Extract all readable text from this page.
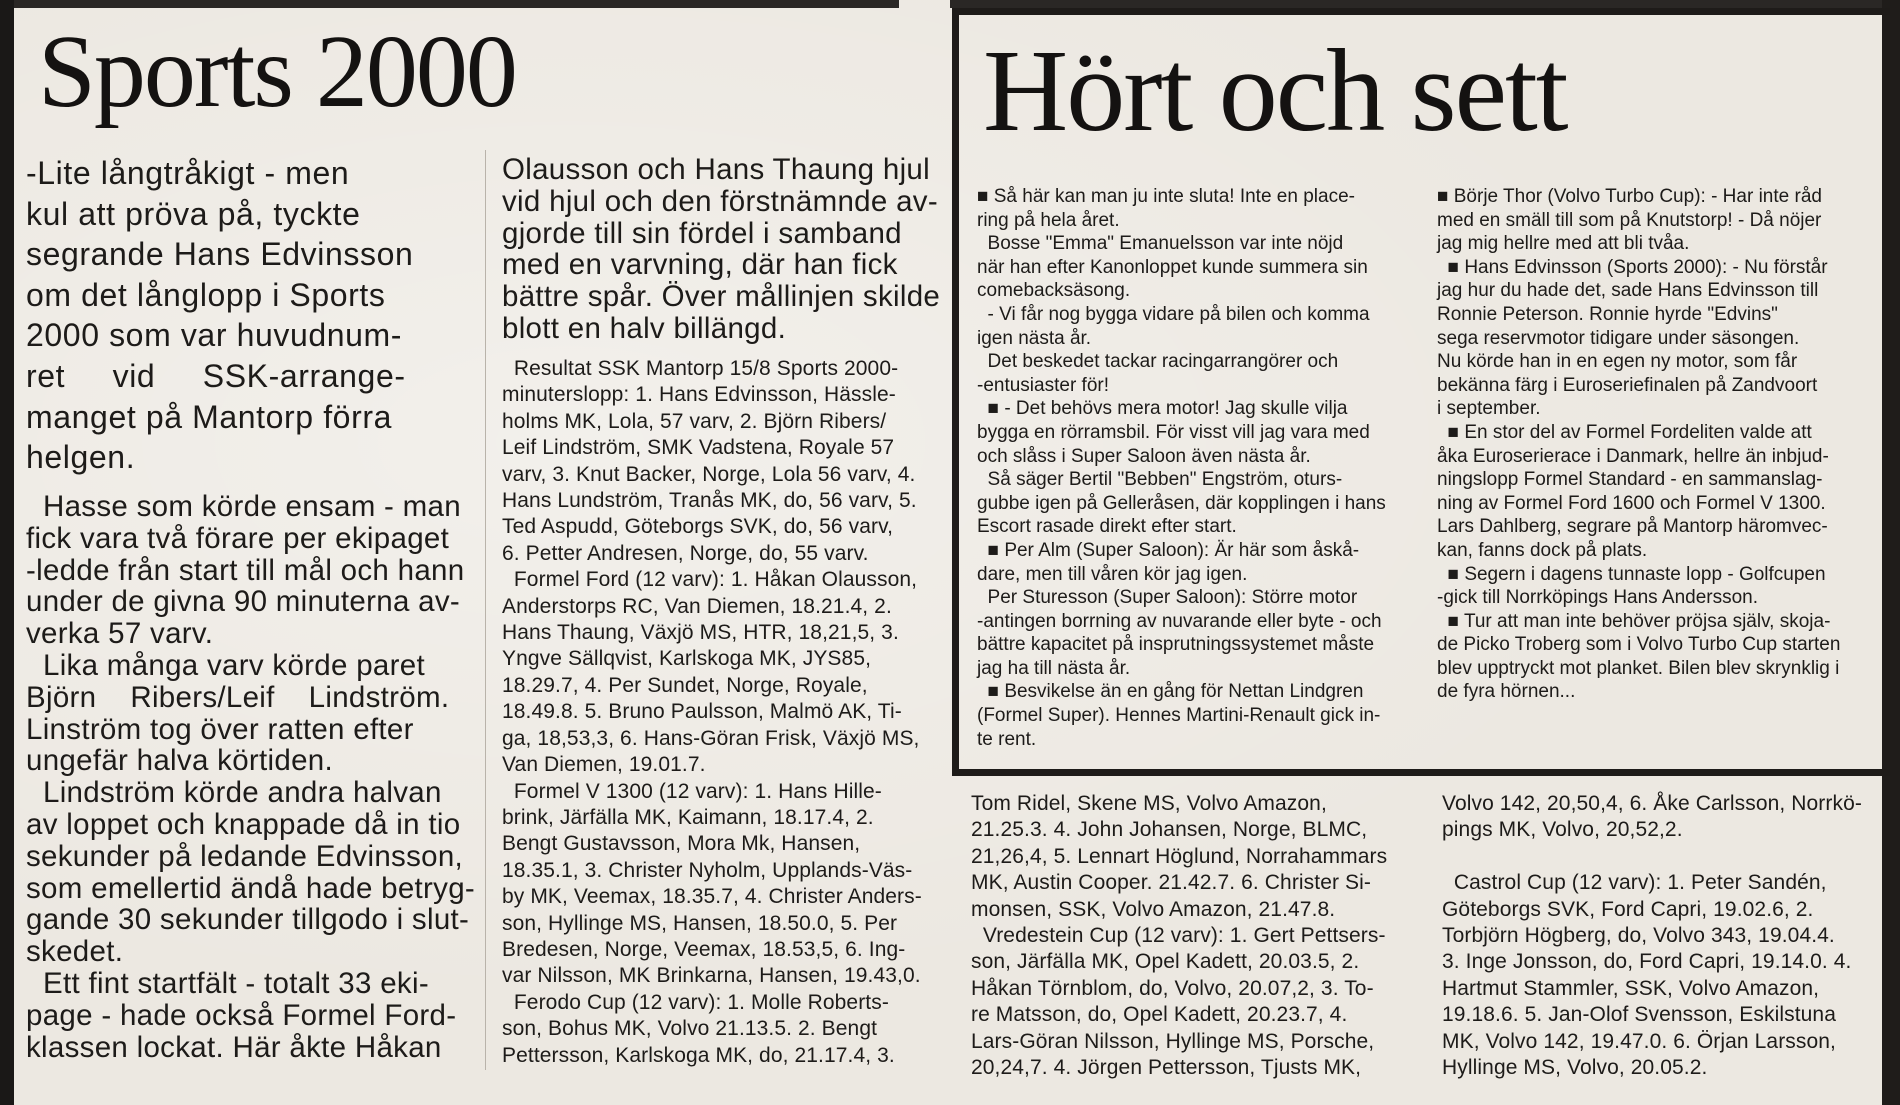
Sports 2000

-Lite långtråkigt - men
kul att pröva på, tyckte
segrande Hans Edvinsson
om det långlopp i Sports
2000 som var huvudnum-
ret     vid     SSK-arrange-
manget på Mantorp förra
helgen.

Hasse som körde ensam - man
fick vara två förare per ekipaget
-ledde från start till mål och hann
under de givna 90 minuterna av-
verka 57 varv.
Lika många varv körde paret
Björn    Ribers/Leif    Lindström.
Linström tog över ratten efter
ungefär halva körtiden.
Lindström körde andra halvan
av loppet och knappade då in tio
sekunder på ledande Edvinsson,
som emellertid ändå hade betryg-
gande 30 sekunder tillgodo i slut-
skedet.
Ett fint startfält - totalt 33 eki-
page - hade också Formel Ford-
klassen lockat. Här åkte Håkan

Olausson och Hans Thaung hjul
vid hjul och den förstnämnde av-
gjorde till sin fördel i samband
med en varvning, där han fick
bättre spår. Över mållinjen skilde
blott en halv billängd.

Resultat SSK Mantorp 15/8 Sports 2000-
minuterslopp: 1. Hans Edvinsson, Hässle-
holms MK, Lola, 57 varv, 2. Björn Ribers/
Leif Lindström, SMK Vadstena, Royale 57
varv, 3. Knut Backer, Norge, Lola 56 varv, 4.
Hans Lundström, Tranås MK, do, 56 varv, 5.
Ted Aspudd, Göteborgs SVK, do, 56 varv,
6. Petter Andresen, Norge, do, 55 varv.
Formel Ford (12 varv): 1. Håkan Olausson,
Anderstorps RC, Van Diemen, 18.21.4, 2.
Hans Thaung, Växjö MS, HTR, 18,21,5, 3.
Yngve Sällqvist, Karlskoga MK, JYS85,
18.29.7, 4. Per Sundet, Norge, Royale,
18.49.8. 5. Bruno Paulsson, Malmö AK, Ti-
ga, 18,53,3, 6. Hans-Göran Frisk, Växjö MS,
Van Diemen, 19.01.7.
Formel V 1300 (12 varv): 1. Hans Hille-
brink, Järfälla MK, Kaimann, 18.17.4, 2.
Bengt Gustavsson, Mora Mk, Hansen,
18.35.1, 3. Christer Nyholm, Upplands-Väs-
by MK, Veemax, 18.35.7, 4. Christer Anders-
son, Hyllinge MS, Hansen, 18.50.0, 5. Per
Bredesen, Norge, Veemax, 18.53,5, 6. Ing-
var Nilsson, MK Brinkarna, Hansen, 19.43,0.
Ferodo Cup (12 varv): 1. Molle Roberts-
son, Bohus MK, Volvo 21.13.5. 2. Bengt
Pettersson, Karlskoga MK, do, 21.17.4, 3.

Tom Ridel, Skene MS, Volvo Amazon,
21.25.3. 4. John Johansen, Norge, BLMC,
21,26,4, 5. Lennart Höglund, Norrahammars
MK, Austin Cooper. 21.42.7. 6. Christer Si-
monsen, SSK, Volvo Amazon, 21.47.8.
Vredestein Cup (12 varv): 1. Gert Pettsers-
son, Järfälla MK, Opel Kadett, 20.03.5, 2.
Håkan Törnblom, do, Volvo, 20.07,2, 3. To-
re Matsson, do, Opel Kadett, 20.23.7, 4.
Lars-Göran Nilsson, Hyllinge MS, Porsche,
20,24,7. 4. Jörgen Pettersson, Tjusts MK,

Volvo 142, 20,50,4, 6. Åke Carlsson, Norrkö-
pings MK, Volvo, 20,52,2.

Castrol Cup (12 varv): 1. Peter Sandén,
Göteborgs SVK, Ford Capri, 19.02.6, 2.
Torbjörn Högberg, do, Volvo 343, 19.04.4.
3. Inge Jonsson, do, Ford Capri, 19.14.0. 4.
Hartmut Stammler, SSK, Volvo Amazon,
19.18.6. 5. Jan-Olof Svensson, Eskilstuna
MK, Volvo 142, 19.47.0. 6. Örjan Larsson,
Hyllinge MS, Volvo, 20.05.2.

Hört och sett

■ Så här kan man ju inte sluta! Inte en place-
ring på hela året.
Bosse "Emma" Emanuelsson var inte nöjd
när han efter Kanonloppet kunde summera sin
comebacksäsong.
- Vi får nog bygga vidare på bilen och komma
igen nästa år.
Det beskedet tackar racingarrangörer och
-entusiaster för!
■ - Det behövs mera motor! Jag skulle vilja
bygga en rörramsbil. För visst vill jag vara med
och slåss i Super Saloon även nästa år.
Så säger Bertil "Bebben" Engström, oturs-
gubbe igen på Gelleråsen, där kopplingen i hans
Escort rasade direkt efter start.
■ Per Alm (Super Saloon): Är här som åskå-
dare, men till våren kör jag igen.
Per Sturesson (Super Saloon): Större motor
-antingen borrning av nuvarande eller byte - och
bättre kapacitet på insprutningssystemet måste
jag ha till nästa år.
■ Besvikelse än en gång för Nettan Lindgren
(Formel Super). Hennes Martini-Renault gick in-
te rent.

■ Börje Thor (Volvo Turbo Cup): - Har inte råd
med en smäll till som på Knutstorp! - Då nöjer
jag mig hellre med att bli tvåa.
■ Hans Edvinsson (Sports 2000): - Nu förstår
jag hur du hade det, sade Hans Edvinsson till
Ronnie Peterson. Ronnie hyrde "Edvins"
sega reservmotor tidigare under säsongen.
Nu körde han in en egen ny motor, som får
bekänna färg i Euroseriefinalen på Zandvoort
i september.
■ En stor del av Formel Fordeliten valde att
åka Euroserierace i Danmark, hellre än inbjud-
ningslopp Formel Standard - en sammanslag-
ning av Formel Ford 1600 och Formel V 1300.
Lars Dahlberg, segrare på Mantorp häromvec-
kan, fanns dock på plats.
■ Segern i dagens tunnaste lopp - Golfcupen
-gick till Norrköpings Hans Andersson.
■ Tur att man inte behöver pröjsa själv, skoja-
de Picko Troberg som i Volvo Turbo Cup starten
blev upptryckt mot planket. Bilen blev skrynklig i
de fyra hörnen...
